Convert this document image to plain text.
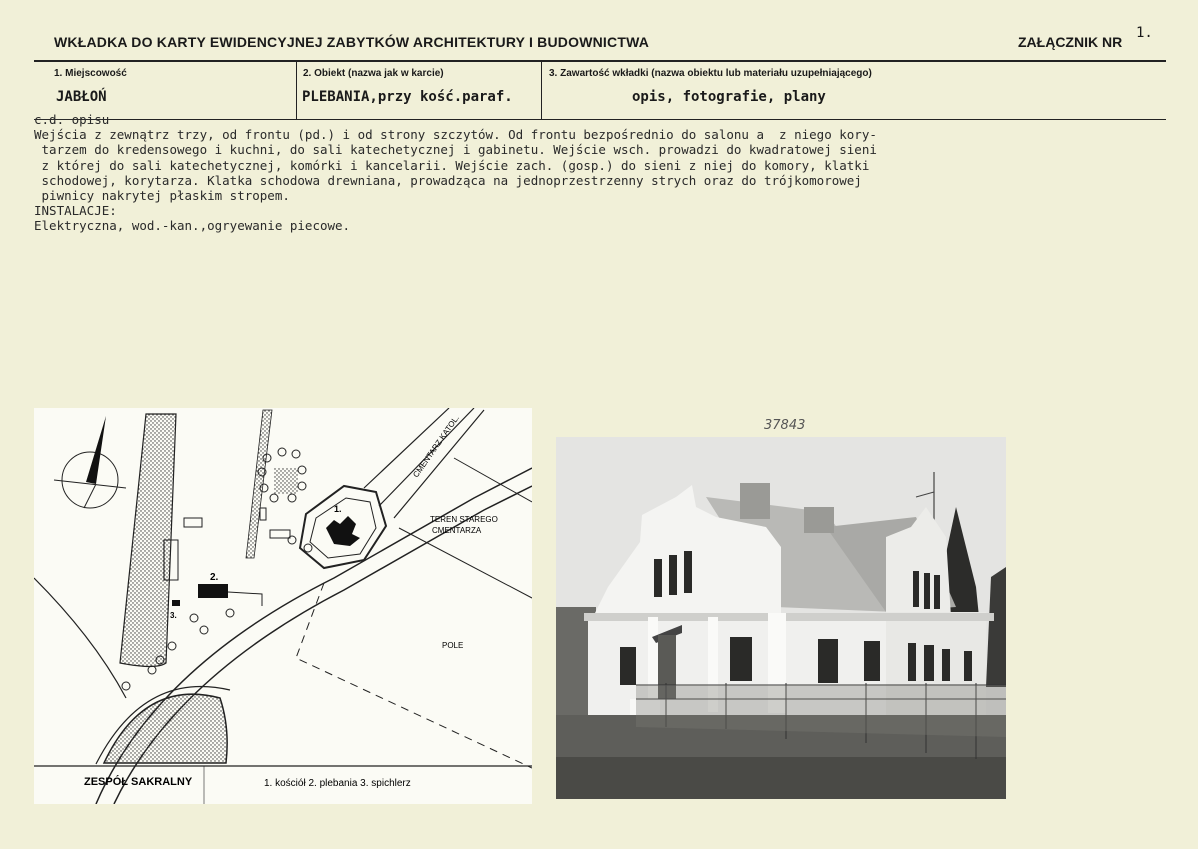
WKŁADKA DO KARTY EWIDENCYJNEJ ZABYTKÓW ARCHITEKTURY I BUDOWNICTWA	ZAŁĄCZNIK NR
1.
1. Miejscowość	2. Obiekt (nazwa jak w karcie)	3. Zawartość wkładki (nazwa obiektu lub materiału uzupełniającego)
JABŁOŃ	PLEBANIA,przy kość.paraf.	opis, fotografie, plany
c.d. opisu
Wejścia z zewnątrz trzy, od frontu (pd.) i od strony szczytów. Od frontu bezpośrednio do salonu a  z niego kory-
tarzem do kredensowego i kuchni, do sali katechetycznej i gabinetu. Wejście wsch. prowadzi do kwadratowej sieni
z której do sali katechetycznej, komórki i kancelarii. Wejście zach. (gosp.) do sieni z niej do komory, klatki
schodowej, korytarza. Klatka schodowa drewniana, prowadząca na jednoprzestrzenny strych oraz do trójkomorowej
piwnicy nakrytej płaskim stropem.
INSTALACJE:
Elektryczna, wod.-kan.,ogryewanie piecowe.
CMENTARZ KATOL.
TEREN STAREGO
CMENTARZA
POLE
1.
2.
3.
ZESPÓŁ SAKRALNY	1. kościół 2. plebania 3. spichlerz
37843
